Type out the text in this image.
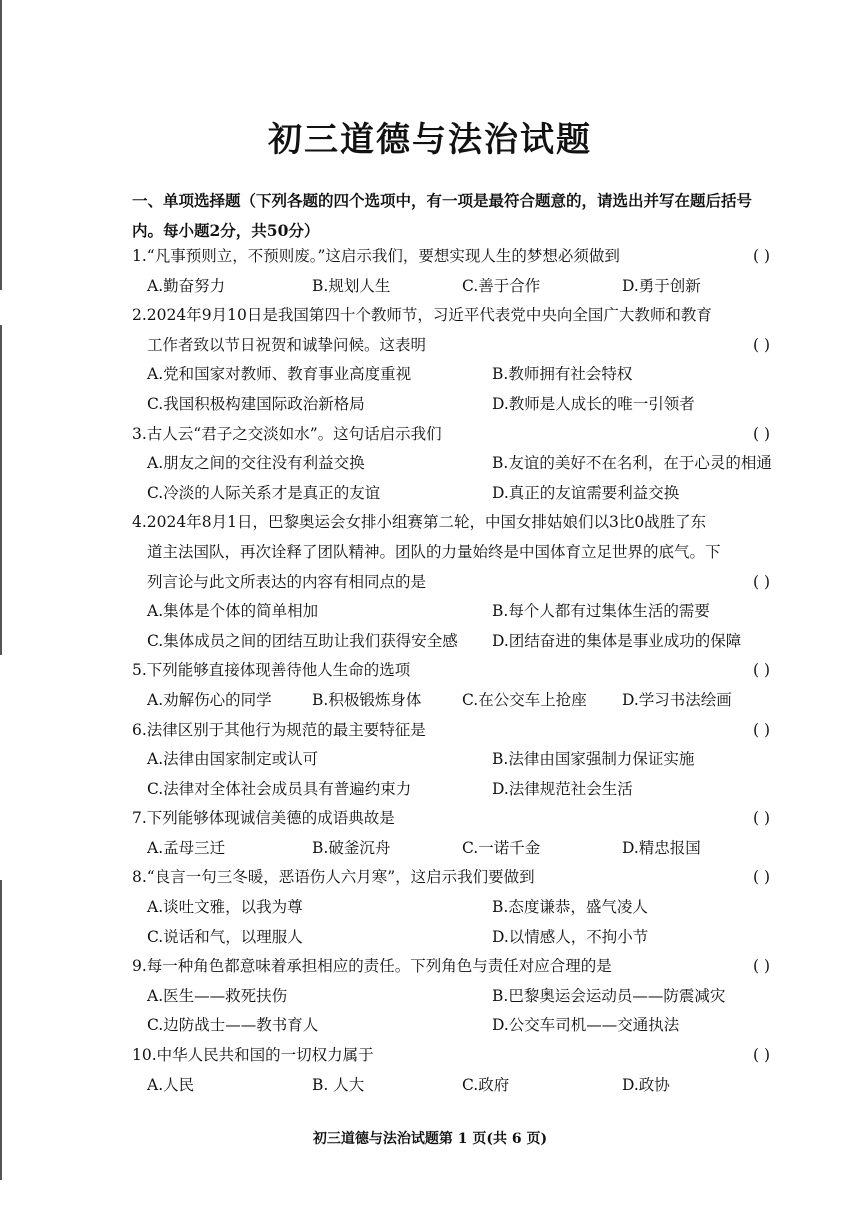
初三道德与法治试题

一、单项选择题（下列各题的四个选项中，有一项是最符合题意的，请选出并写在题后括号内。每小题2分，共50分）

1.“凡事预则立，不预则废。”这启示我们，要想实现人生的梦想必须做到	( )
A.勤奋努力	B.规划人生	C.善于合作	D.勇于创新
2.2024年9月10日是我国第四十个教师节，习近平代表党中央向全国广大教师和教育
工作者致以节日祝贺和诚挚问候。这表明	( )
A.党和国家对教师、教育事业高度重视	B.教师拥有社会特权
C.我国积极构建国际政治新格局	D.教师是人成长的唯一引领者
3.古人云“君子之交淡如水”。这句话启示我们	( )
A.朋友之间的交往没有利益交换	B.友谊的美好不在名利，在于心灵的相通
C.冷淡的人际关系才是真正的友谊	D.真正的友谊需要利益交换
4.2024年8月1日，巴黎奥运会女排小组赛第二轮，中国女排姑娘们以3比0战胜了东
道主法国队，再次诠释了团队精神。团队的力量始终是中国体育立足世界的底气。下
列言论与此文所表达的内容有相同点的是	( )
A.集体是个体的简单相加	B.每个人都有过集体生活的需要
C.集体成员之间的团结互助让我们获得安全感 D.团结奋进的集体是事业成功的保障
5.下列能够直接体现善待他人生命的选项	( )
A.劝解伤心的同学	B.积极锻炼身体	C.在公交车上抢座 D.学习书法绘画
6.法律区别于其他行为规范的最主要特征是	( )
A.法律由国家制定或认可	B.法律由国家强制力保证实施
C.法律对全体社会成员具有普遍约束力	D.法律规范社会生活
7.下列能够体现诚信美德的成语典故是	( )
A.孟母三迁	B.破釜沉舟	C.一诺千金	D.精忠报国
8.“良言一句三冬暖，恶语伤人六月寒”，这启示我们要做到	( )
A.谈吐文雅，以我为尊	B.态度谦恭，盛气凌人
C.说话和气，以理服人	D.以情感人，不拘小节
9.每一种角色都意味着承担相应的责任。下列角色与责任对应合理的是	( )
A.医生——救死扶伤	B.巴黎奥运会运动员——防震减灾
C.边防战士——教书育人	D.公交车司机——交通执法
10.中华人民共和国的一切权力属于	( )
A.人民	B. 人大	C.政府	D.政协
初三道德与法治试题第 1 页(共 6 页)
